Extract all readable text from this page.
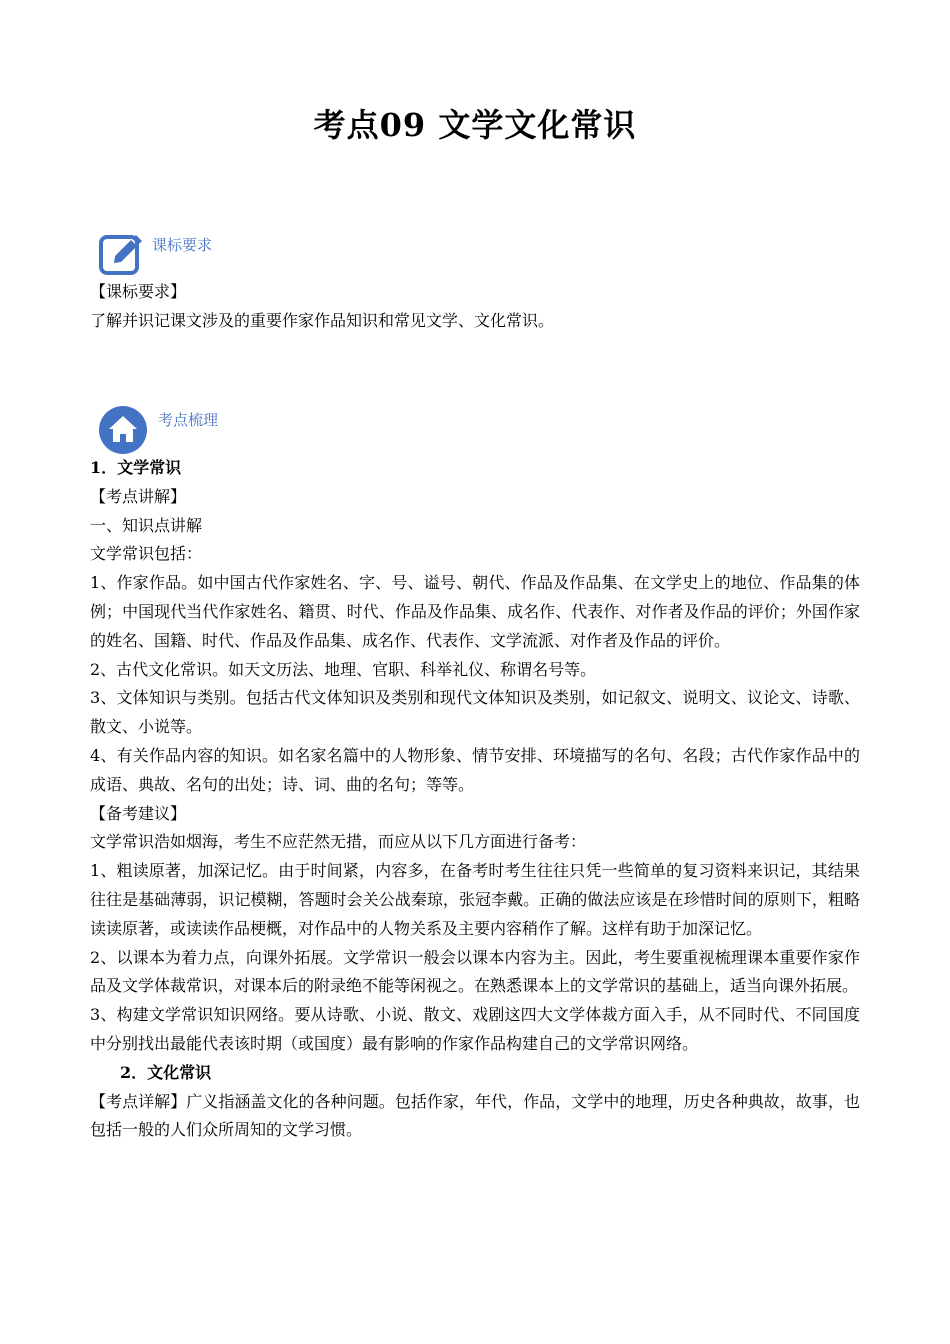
考点09 文学文化常识
课标要求

【课标要求】

了解并识记课文涉及的重要作家作品知识和常见文学、文化常识。

考点梳理

1．文学常识

【考点讲解】

一、知识点讲解

文学常识包括：

1、作家作品。如中国古代作家姓名、字、号、谥号、朝代、作品及作品集、在文学史上的地位、作品集的体例；中国现代当代作家姓名、籍贯、时代、作品及作品集、成名作、代表作、对作者及作品的评价；外国作家的姓名、国籍、时代、作品及作品集、成名作、代表作、文学流派、对作者及作品的评价。

2、古代文化常识。如天文历法、地理、官职、科举礼仪、称谓名号等。

3、文体知识与类别。包括古代文体知识及类别和现代文体知识及类别，如记叙文、说明文、议论文、诗歌、散文、小说等。

4、有关作品内容的知识。如名家名篇中的人物形象、情节安排、环境描写的名句、名段；古代作家作品中的成语、典故、名句的出处；诗、词、曲的名句；等等。

【备考建议】

文学常识浩如烟海，考生不应茫然无措，而应从以下几方面进行备考：

1、粗读原著，加深记忆。由于时间紧，内容多，在备考时考生往往只凭一些简单的复习资料来识记，其结果往往是基础薄弱，识记模糊，答题时会关公战秦琼，张冠李戴。正确的做法应该是在珍惜时间的原则下，粗略读读原著，或读读作品梗概，对作品中的人物关系及主要内容稍作了解。这样有助于加深记忆。

2、以课本为着力点，向课外拓展。文学常识一般会以课本内容为主。因此，考生要重视梳理课本重要作家作品及文学体裁常识，对课本后的附录绝不能等闲视之。在熟悉课本上的文学常识的基础上，适当向课外拓展。

3、构建文学常识知识网络。要从诗歌、小说、散文、戏剧这四大文学体裁方面入手，从不同时代、不同国度中分别找出最能代表该时期（或国度）最有影响的作家作品构建自己的文学常识网络。

2．文化常识

【考点详解】广义指涵盖文化的各种问题。包括作家，年代，作品，文学中的地理，历史各种典故，故事，也包括一般的人们众所周知的文学习惯。
